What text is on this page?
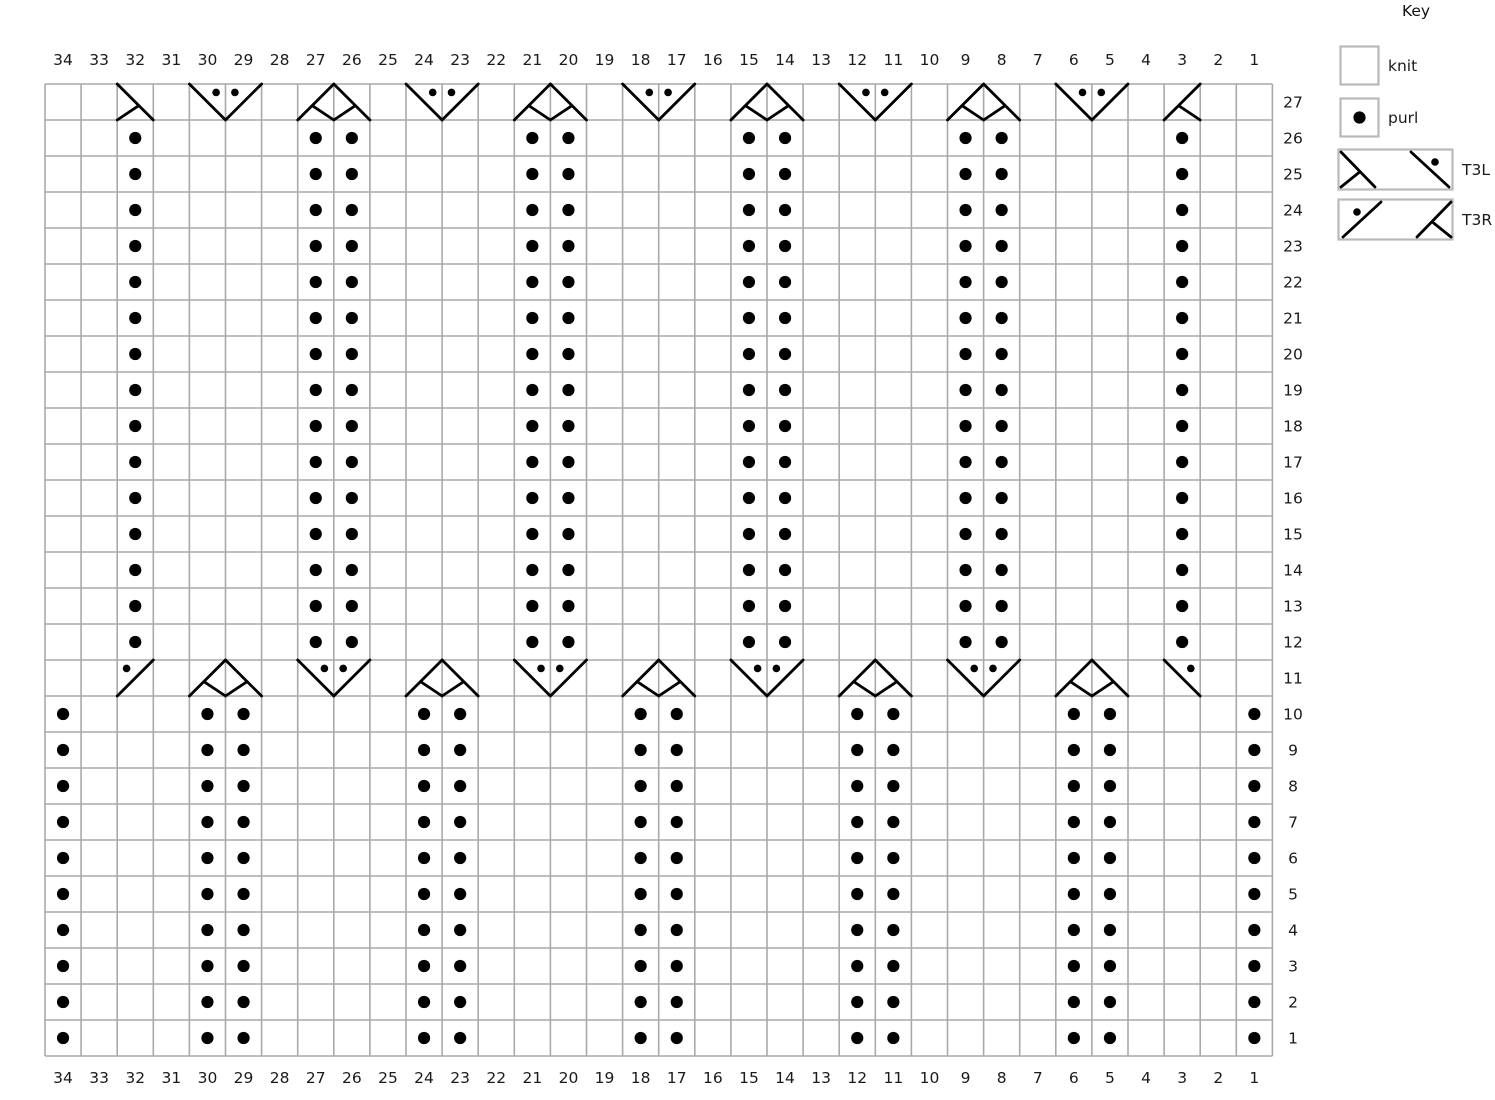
34 33 32 31 30 29 28 27 26 25 24 23 22 21 20 19 18 17 16 15 14 13 12 11 10 9 8 7 6 5 4 3 2 1
34 33 32 31 30 29 28 27 26 25 24 23 22 21 20 19 18 17 16 15 14 13 12 11 10 9 8 7 6 5 4 3 2 1
27
26
25
24
23
22
21
20
19
18
17
16
15
14
13
12
11
10
9
8
7
6
5
4
3
2
1
Key
knit
purl
T3L
T3R
